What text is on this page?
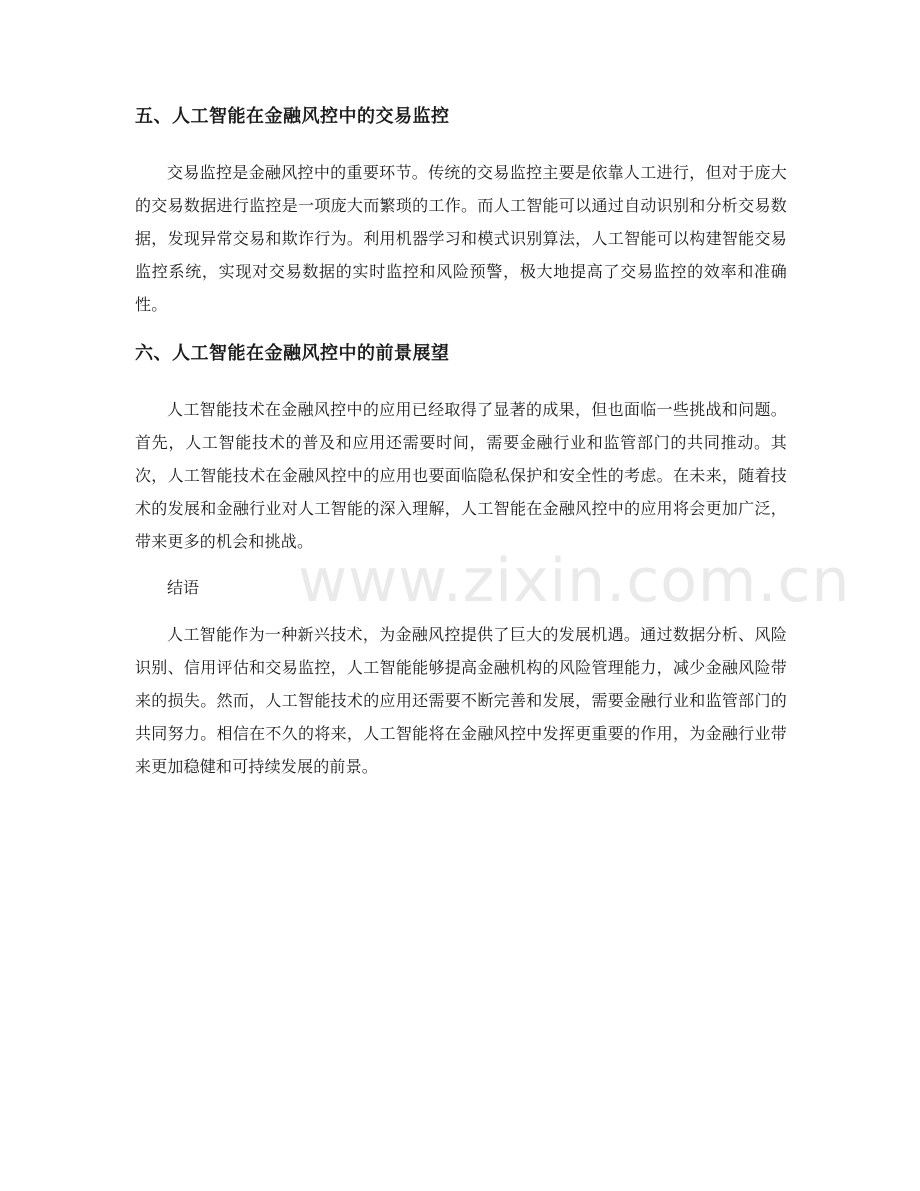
五、人工智能在金融风控中的交易监控

交易监控是金融风控中的重要环节。传统的交易监控主要是依靠人工进行，但对于庞大的交易数据进行监控是一项庞大而繁琐的工作。而人工智能可以通过自动识别和分析交易数据，发现异常交易和欺诈行为。利用机器学习和模式识别算法，人工智能可以构建智能交易监控系统，实现对交易数据的实时监控和风险预警，极大地提高了交易监控的效率和准确性。

六、人工智能在金融风控中的前景展望

人工智能技术在金融风控中的应用已经取得了显著的成果，但也面临一些挑战和问题。首先，人工智能技术的普及和应用还需要时间，需要金融行业和监管部门的共同推动。其次，人工智能技术在金融风控中的应用也要面临隐私保护和安全性的考虑。在未来，随着技术的发展和金融行业对人工智能的深入理解，人工智能在金融风控中的应用将会更加广泛，带来更多的机会和挑战。

结语

人工智能作为一种新兴技术，为金融风控提供了巨大的发展机遇。通过数据分析、风险识别、信用评估和交易监控，人工智能能够提高金融机构的风险管理能力，减少金融风险带来的损失。然而，人工智能技术的应用还需要不断完善和发展，需要金融行业和监管部门的共同努力。相信在不久的将来，人工智能将在金融风控中发挥更重要的作用，为金融行业带来更加稳健和可持续发展的前景。

www.zixin.com.cn
